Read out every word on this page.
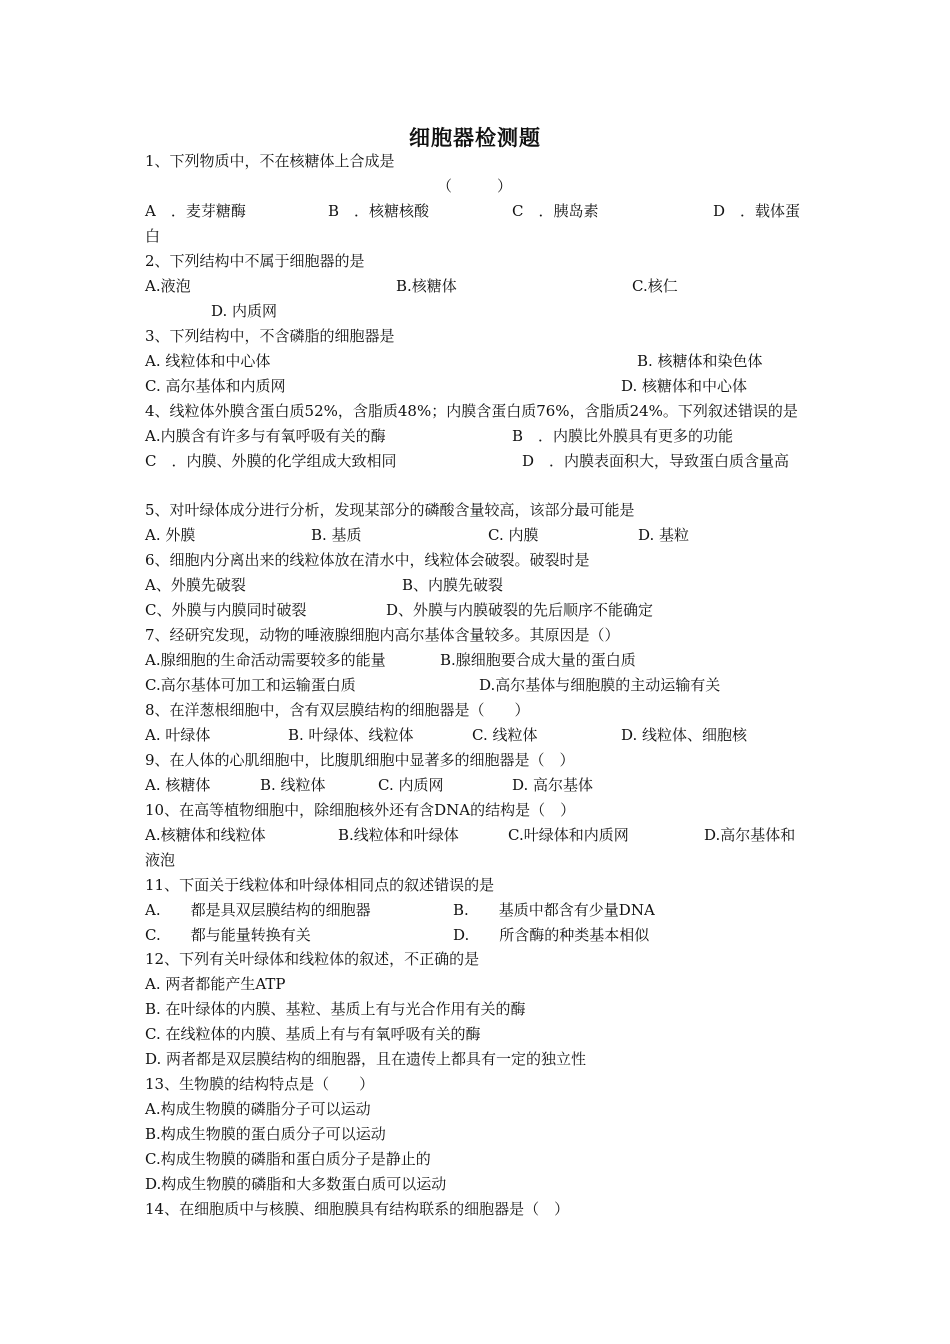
细胞器检测题
1、下列物质中，不在核糖体上合成是
（　　　）
A　．麦芽糖酶	B　．核糖核酸	C　．胰岛素	D　．载体蛋
白
2、下列结构中不属于细胞器的是
A.液泡	B.核糖体	C.核仁
D. 内质网
3、下列结构中，不含磷脂的细胞器是
A. 线粒体和中心体	B. 核糖体和染色体
C. 高尔基体和内质网	D. 核糖体和中心体
4、线粒体外膜含蛋白质52%，含脂质48%；内膜含蛋白质76%，含脂质24%。下列叙述错误的是
A.内膜含有许多与有氧呼吸有关的酶	B　．内膜比外膜具有更多的功能
C　．内膜、外膜的化学组成大致相同	D　．内膜表面积大，导致蛋白质含量高
5、对叶绿体成分进行分析，发现某部分的磷酸含量较高，该部分最可能是
A. 外膜	B. 基质	C. 内膜	D. 基粒
6、细胞内分离出来的线粒体放在清水中，线粒体会破裂。破裂时是
A、外膜先破裂	B、内膜先破裂
C、外膜与内膜同时破裂	D、外膜与内膜破裂的先后顺序不能确定
7、经研究发现，动物的唾液腺细胞内高尔基体含量较多。其原因是（）
A.腺细胞的生命活动需要较多的能量	B.腺细胞要合成大量的蛋白质
C.高尔基体可加工和运输蛋白质	D.高尔基体与细胞膜的主动运输有关
8、在洋葱根细胞中，含有双层膜结构的细胞器是（　　）
A. 叶绿体	B. 叶绿体、线粒体	C. 线粒体	D. 线粒体、细胞核
9、在人体的心肌细胞中，比腹肌细胞中显著多的细胞器是（　）
A. 核糖体	B. 线粒体	C. 内质网	D. 高尔基体
10、在高等植物细胞中，除细胞核外还有含DNA的结构是（　）
A.核糖体和线粒体	B.线粒体和叶绿体	C.叶绿体和内质网	D.高尔基体和
液泡
11、下面关于线粒体和叶绿体相同点的叙述错误的是
A.　　都是具双层膜结构的细胞器	B.　　基质中都含有少量DNA
C.　　都与能量转换有关	D.　　所含酶的种类基本相似
12、下列有关叶绿体和线粒体的叙述，不正确的是
A. 两者都能产生ATP
B. 在叶绿体的内膜、基粒、基质上有与光合作用有关的酶
C. 在线粒体的内膜、基质上有与有氧呼吸有关的酶
D. 两者都是双层膜结构的细胞器，且在遗传上都具有一定的独立性
13、生物膜的结构特点是（　　）
A.构成生物膜的磷脂分子可以运动
B.构成生物膜的蛋白质分子可以运动
C.构成生物膜的磷脂和蛋白质分子是静止的
D.构成生物膜的磷脂和大多数蛋白质可以运动
14、在细胞质中与核膜、细胞膜具有结构联系的细胞器是（　）
